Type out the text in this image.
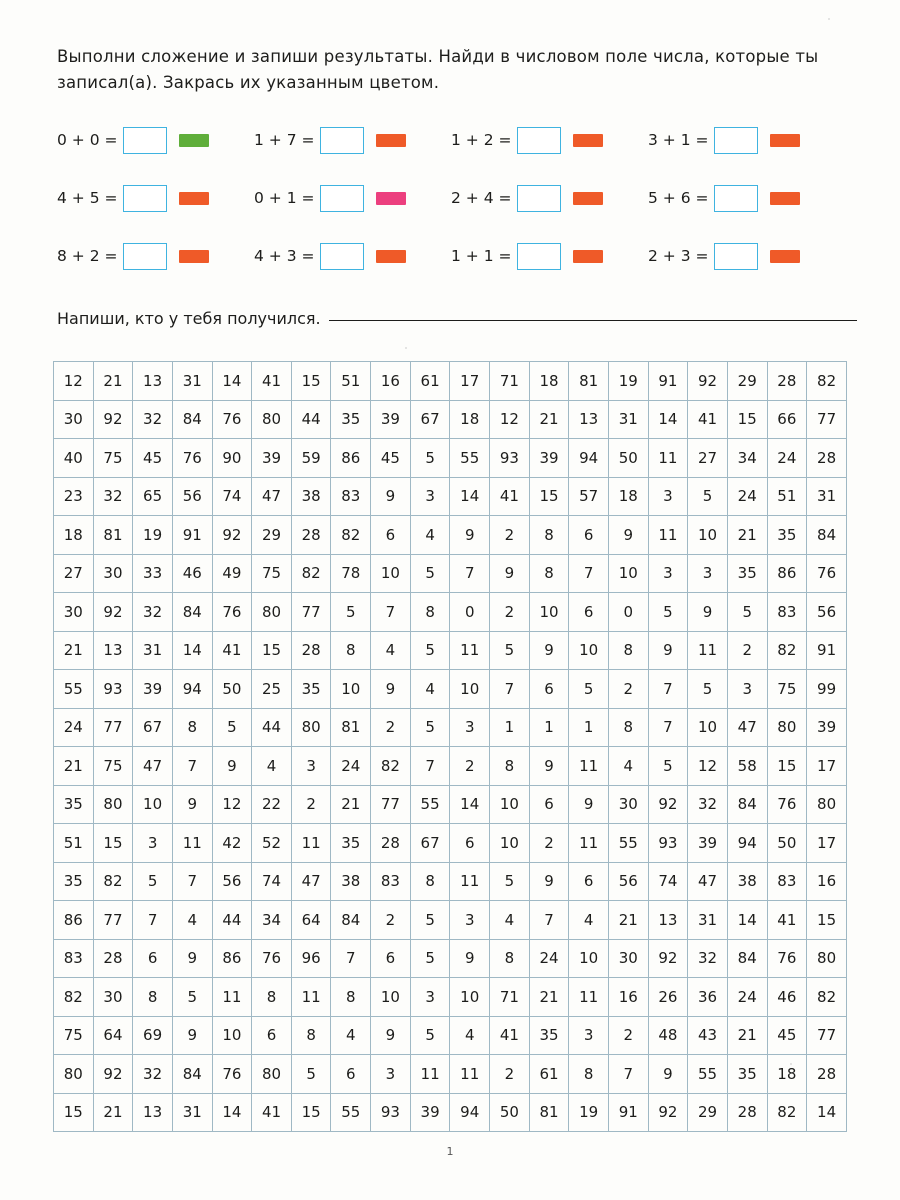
Выполни сложение и запиши результаты. Найди в числовом поле числа, которые ты записал(а). Закрась их указанным цветом.
0 + 0 =	1 + 7 =	1 + 2 =	3 + 1 =
4 + 5 =	0 + 1 =	2 + 4 =	5 + 6 =
8 + 2 =	4 + 3 =	1 + 1 =	2 + 3 =
Напиши, кто у тебя получился.
12	21	13	31	14	41	15	51	16	61	17	71	18	81	19	91	92	29	28	82
30	92	32	84	76	80	44	35	39	67	18	12	21	13	31	14	41	15	66	77
40	75	45	76	90	39	59	86	45	5	55	93	39	94	50	11	27	34	24	28
23	32	65	56	74	47	38	83	9	3	14	41	15	57	18	3	5	24	51	31
18	81	19	91	92	29	28	82	6	4	9	2	8	6	9	11	10	21	35	84
27	30	33	46	49	75	82	78	10	5	7	9	8	7	10	3	3	35	86	76
30	92	32	84	76	80	77	5	7	8	0	2	10	6	0	5	9	5	83	56
21	13	31	14	41	15	28	8	4	5	11	5	9	10	8	9	11	2	82	91
55	93	39	94	50	25	35	10	9	4	10	7	6	5	2	7	5	3	75	99
24	77	67	8	5	44	80	81	2	5	3	1	1	1	8	7	10	47	80	39
21	75	47	7	9	4	3	24	82	7	2	8	9	11	4	5	12	58	15	17
35	80	10	9	12	22	2	21	77	55	14	10	6	9	30	92	32	84	76	80
51	15	3	11	42	52	11	35	28	67	6	10	2	11	55	93	39	94	50	17
35	82	5	7	56	74	47	38	83	8	11	5	9	6	56	74	47	38	83	16
86	77	7	4	44	34	64	84	2	5	3	4	7	4	21	13	31	14	41	15
83	28	6	9	86	76	96	7	6	5	9	8	24	10	30	92	32	84	76	80
82	30	8	5	11	8	11	8	10	3	10	71	21	11	16	26	36	24	46	82
75	64	69	9	10	6	8	4	9	5	4	41	35	3	2	48	43	21	45	77
80	92	32	84	76	80	5	6	3	11	11	2	61	8	7	9	55	35	18	28
15	21	13	31	14	41	15	55	93	39	94	50	81	19	91	92	29	28	82	14
1
